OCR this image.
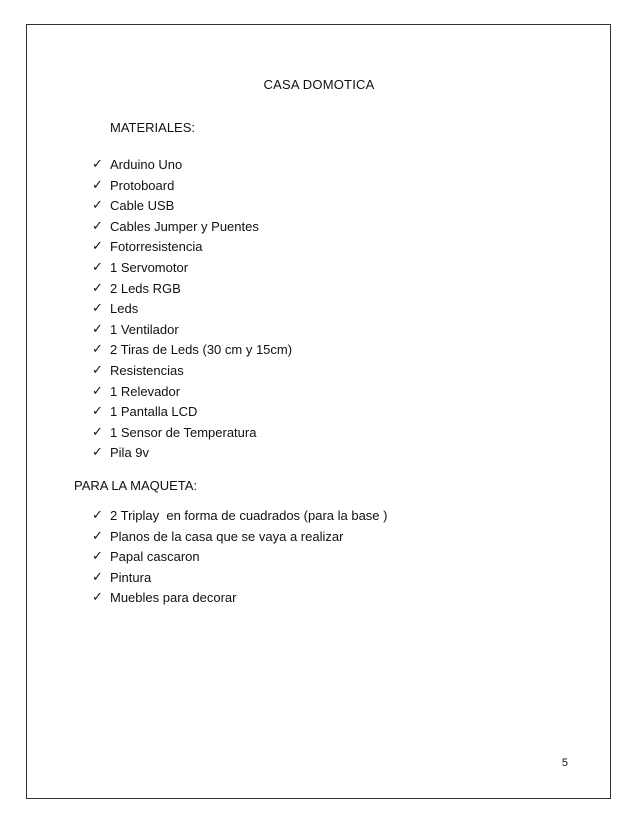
CASA DOMOTICA
MATERIALES:
✓ Arduino Uno
✓ Protoboard
✓ Cable USB
✓ Cables Jumper y Puentes
✓ Fotorresistencia
✓ 1 Servomotor
✓ 2 Leds RGB
✓ Leds
✓ 1 Ventilador
✓ 2 Tiras de Leds (30 cm y 15cm)
✓ Resistencias
✓ 1 Relevador
✓ 1 Pantalla LCD
✓ 1 Sensor de Temperatura
✓ Pila 9v
PARA LA MAQUETA:
✓ 2 Triplay  en forma de cuadrados (para la base )
✓ Planos de la casa que se vaya a realizar
✓ Papal cascaron
✓ Pintura
✓ Muebles para decorar
5
